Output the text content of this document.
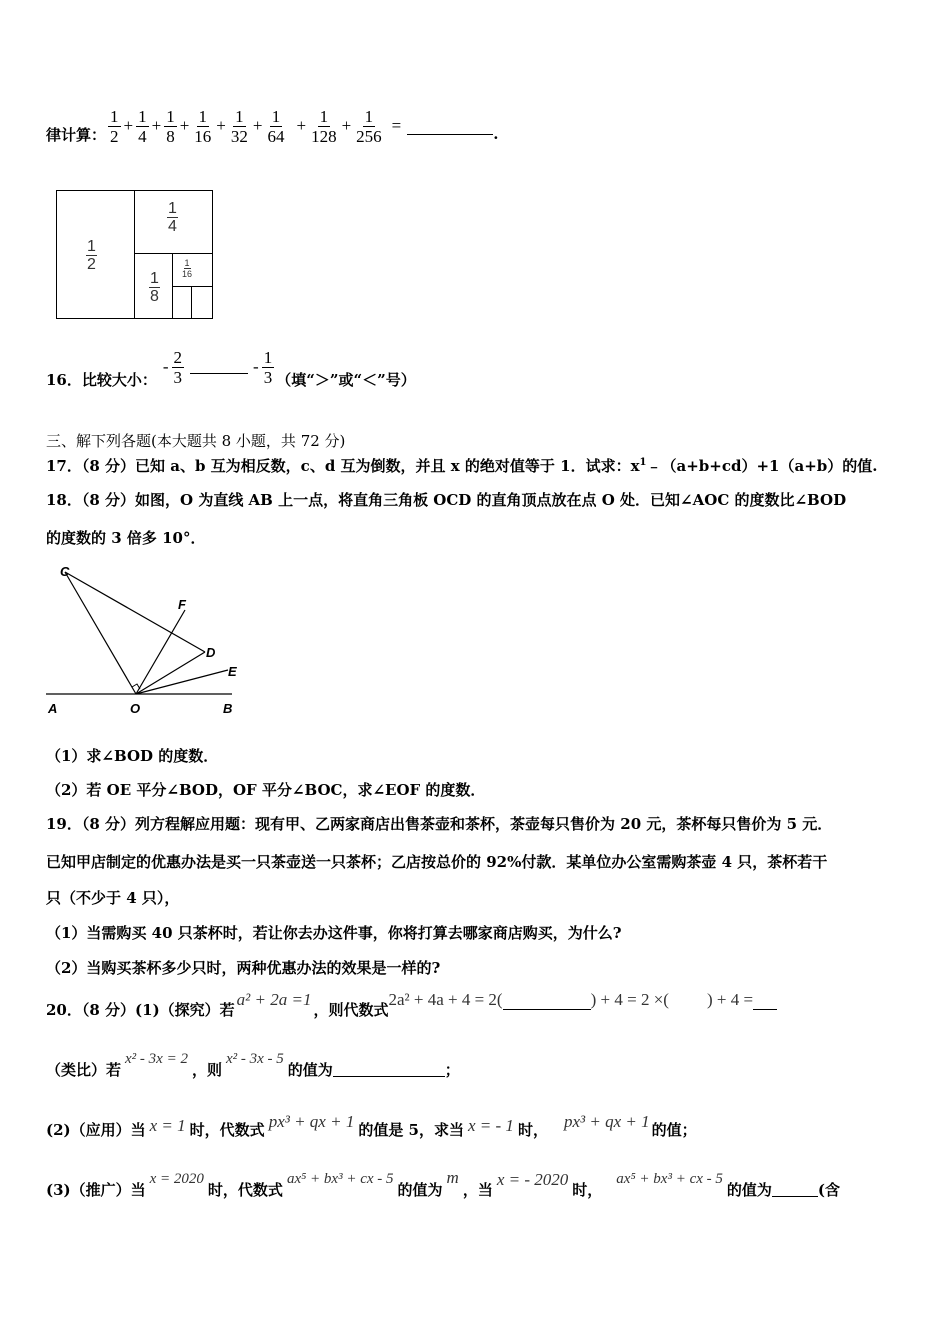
律计算： $\frac{1}{2} + \frac{1}{4} + \frac{1}{8} + \frac{1}{16} + \frac{1}{32} + \frac{1}{64} + \frac{1}{128} + \frac{1}{256}$ =	.
1
2
1
4
1
8
1
16
16．比较大小：
- $\frac{2}{3}$	- $\frac{1}{3}$ （填“＞”或“＜”号）
三、解下列各题(本大题共 8 小题，共 72 分)
17．（8 分）已知 a、b 互为相反数，c、d 互为倒数，并且 x 的绝对值等于 1．试求：$x^1﹣(a+b+cd)+1(a+b)$的值.
18．（8 分）如图，O 为直线 AB 上一点，将直角三角板 OCD 的直角顶点放在点 O 处．已知∠AOC 的度数比∠BOD
的度数的 3 倍多 10°．
C
F
D
E
A	O	B
（1）求∠BOD 的度数．
（2）若 OE 平分∠BOD，OF 平分∠BOC，求∠EOF 的度数．
19．（8 分）列方程解应用题：现有甲、乙两家商店出售茶壶和茶杯，茶壶每只售价为 20 元，茶杯每只售价为 5 元．
已知甲店制定的优惠办法是买一只茶壶送一只茶杯；乙店按总价的 92%付款．某单位办公室需购茶壶 4 只，茶杯若干
只（不少于 4 只），
（1）当需购买 40 只茶杯时，若让你去办这件事，你将打算去哪家商店购买，为什么?
（2）当购买茶杯多少只时，两种优惠办法的效果是一样的?
20．（8 分）(1)（探究）若
a² + 2a =1
，则代数式
2a² + 4a + 4 = 2(	) + 4 = 2 ×( ) + 4 =
（类比）若
x² - 3x = 2
，则
x² - 3x - 5
的值为	；
(2)（应用）当 x = 1 时，代数式 px³ + qx + 1 的值是 5，求当 x = - 1 时， px³ + qx + 1 的值；
(3)（推广）当
x = 2020
时，代数式
ax⁵ + bx³ + cx - 5
的值为
m
，当
x = - 2020
时，
ax⁵ + bx³ + cx - 5
的值为	(含
